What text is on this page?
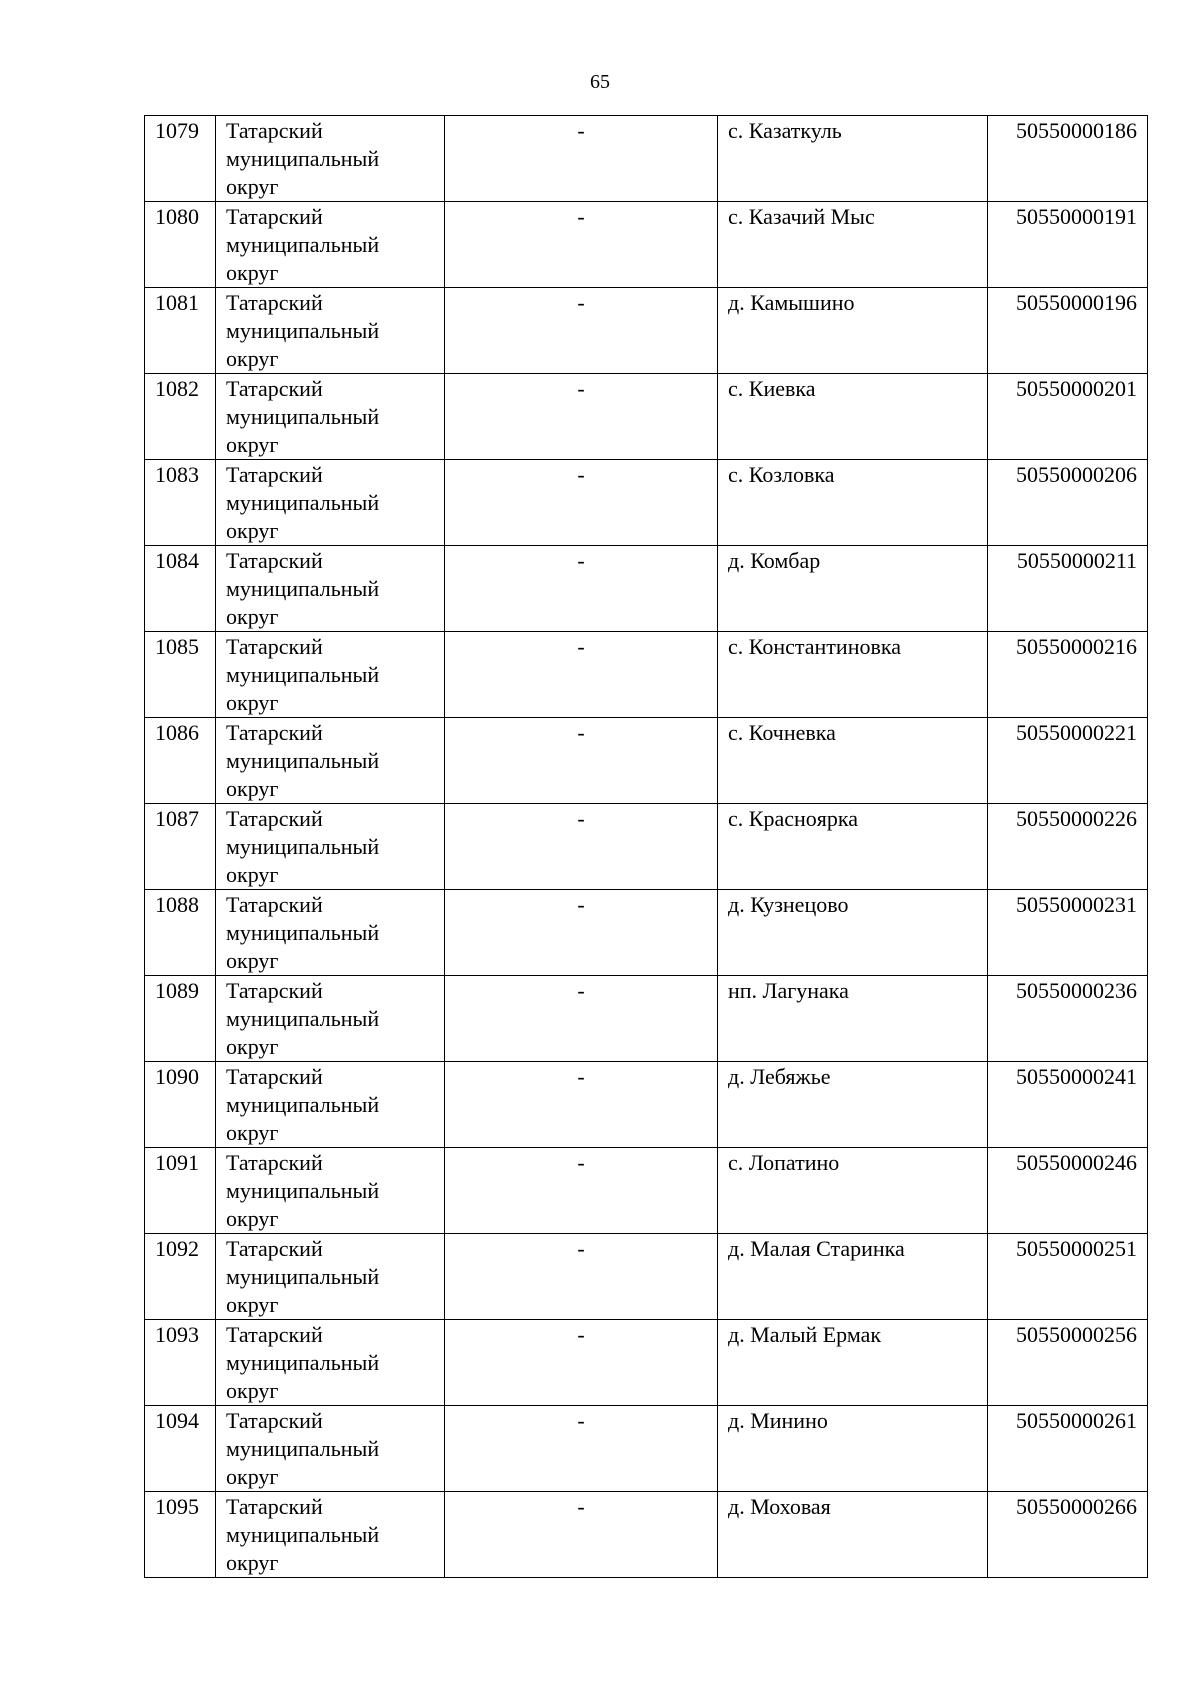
65
1079	Татарский муниципальный округ	-	с. Казаткуль	50550000186
1080	Татарский муниципальный округ	-	с. Казачий Мыс	50550000191
1081	Татарский муниципальный округ	-	д. Камышино	50550000196
1082	Татарский муниципальный округ	-	с. Киевка	50550000201
1083	Татарский муниципальный округ	-	с. Козловка	50550000206
1084	Татарский муниципальный округ	-	д. Комбар	50550000211
1085	Татарский муниципальный округ	-	с. Константиновка	50550000216
1086	Татарский муниципальный округ	-	с. Кочневка	50550000221
1087	Татарский муниципальный округ	-	с. Краснoярка	50550000226
1088	Татарский муниципальный округ	-	д. Кузнецово	50550000231
1089	Татарский муниципальный округ	-	нп. Лагунака	50550000236
1090	Татарский муниципальный округ	-	д. Лебяжье	50550000241
1091	Татарский муниципальный округ	-	с. Лопатино	50550000246
1092	Татарский муниципальный округ	-	д. Малая Старинка	50550000251
1093	Татарский муниципальный округ	-	д. Малый Ермак	50550000256
1094	Татарский муниципальный округ	-	д. Минино	50550000261
1095	Татарский муниципальный округ	-	д. Моховая	50550000266
